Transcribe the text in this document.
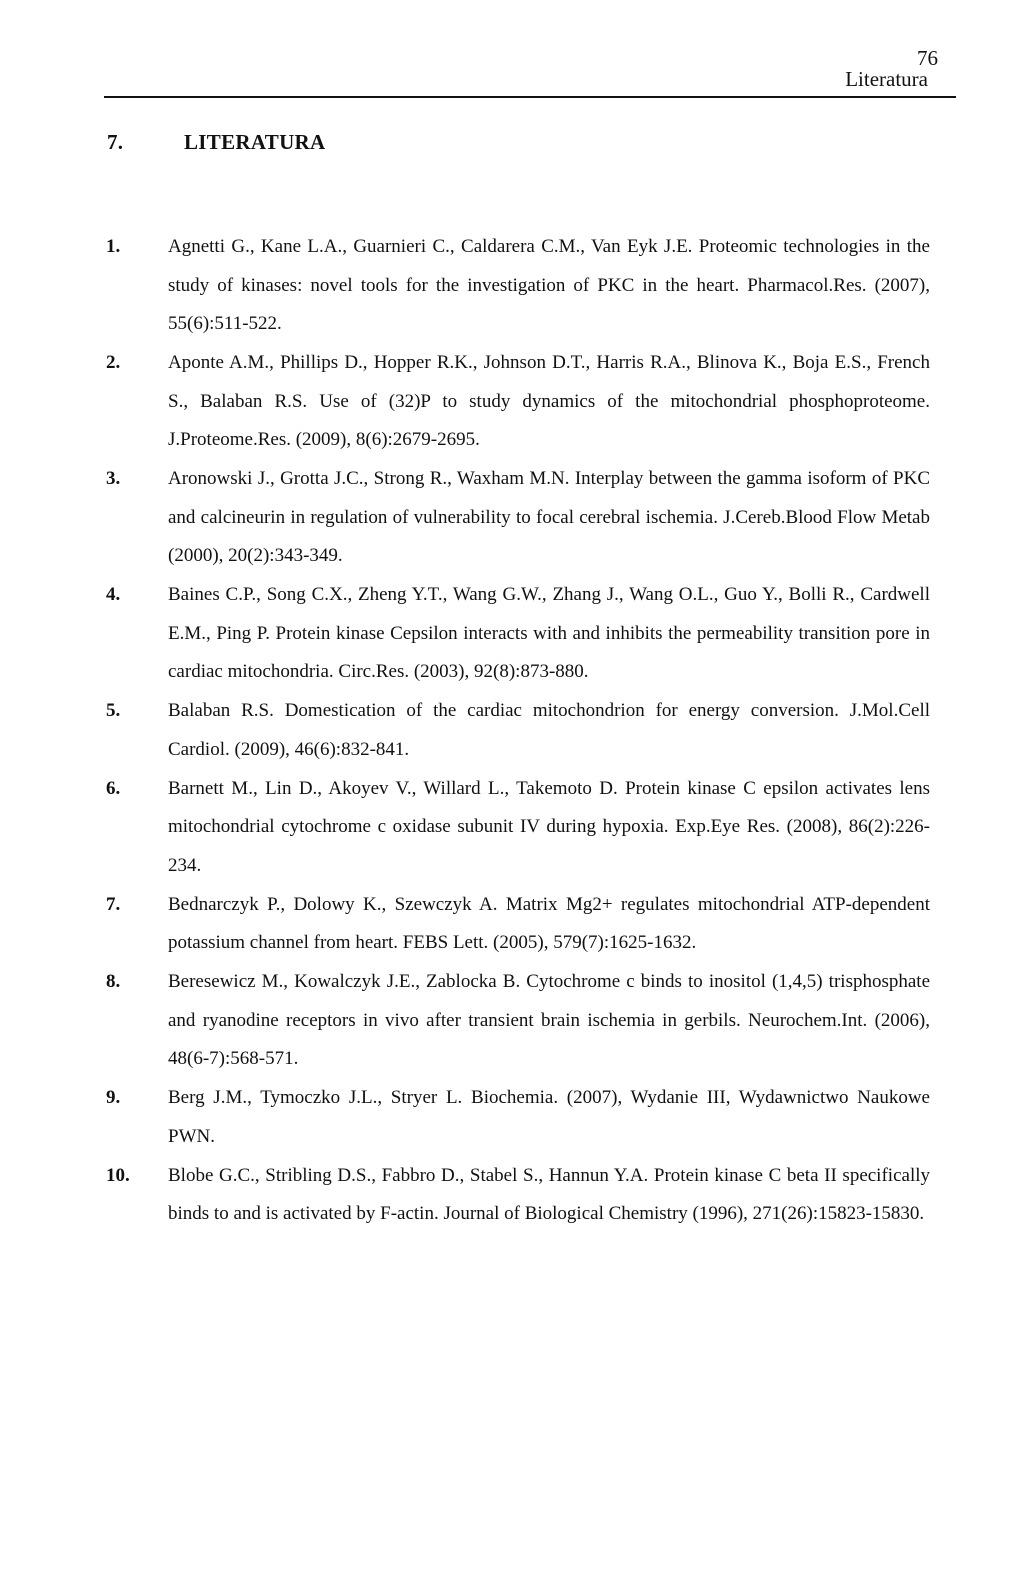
76
Literatura
7.	LITERATURA
1.	Agnetti G., Kane L.A., Guarnieri C., Caldarera C.M., Van Eyk J.E. Proteomic technologies in the study of kinases: novel tools for the investigation of PKC in the heart. Pharmacol.Res. (2007), 55(6):511-522.
2.	Aponte A.M., Phillips D., Hopper R.K., Johnson D.T., Harris R.A., Blinova K., Boja E.S., French S., Balaban R.S. Use of (32)P to study dynamics of the mitochondrial phosphoproteome. J.Proteome.Res. (2009), 8(6):2679-2695.
3.	Aronowski J., Grotta J.C., Strong R., Waxham M.N. Interplay between the gamma isoform of PKC and calcineurin in regulation of vulnerability to focal cerebral ischemia. J.Cereb.Blood Flow Metab (2000), 20(2):343-349.
4.	Baines C.P., Song C.X., Zheng Y.T., Wang G.W., Zhang J., Wang O.L., Guo Y., Bolli R., Cardwell E.M., Ping P. Protein kinase Cepsilon interacts with and inhibits the permeability transition pore in cardiac mitochondria. Circ.Res. (2003), 92(8):873-880.
5.	Balaban R.S. Domestication of the cardiac mitochondrion for energy conversion. J.Mol.Cell Cardiol. (2009), 46(6):832-841.
6.	Barnett M., Lin D., Akoyev V., Willard L., Takemoto D. Protein kinase C epsilon activates lens mitochondrial cytochrome c oxidase subunit IV during hypoxia. Exp.Eye Res. (2008), 86(2):226-234.
7.	Bednarczyk P., Dolowy K., Szewczyk A. Matrix Mg2+ regulates mitochondrial ATP-dependent potassium channel from heart. FEBS Lett. (2005), 579(7):1625-1632.
8.	Beresewicz M., Kowalczyk J.E., Zablocka B. Cytochrome c binds to inositol (1,4,5) trisphosphate and ryanodine receptors in vivo after transient brain ischemia in gerbils. Neurochem.Int. (2006), 48(6-7):568-571.
9.	Berg J.M., Tymoczko J.L., Stryer L. Biochemia. (2007), Wydanie III, Wydawnictwo Naukowe PWN.
10.	Blobe G.C., Stribling D.S., Fabbro D., Stabel S., Hannun Y.A. Protein kinase C beta II specifically binds to and is activated by F-actin. Journal of Biological Chemistry (1996), 271(26):15823-15830.
